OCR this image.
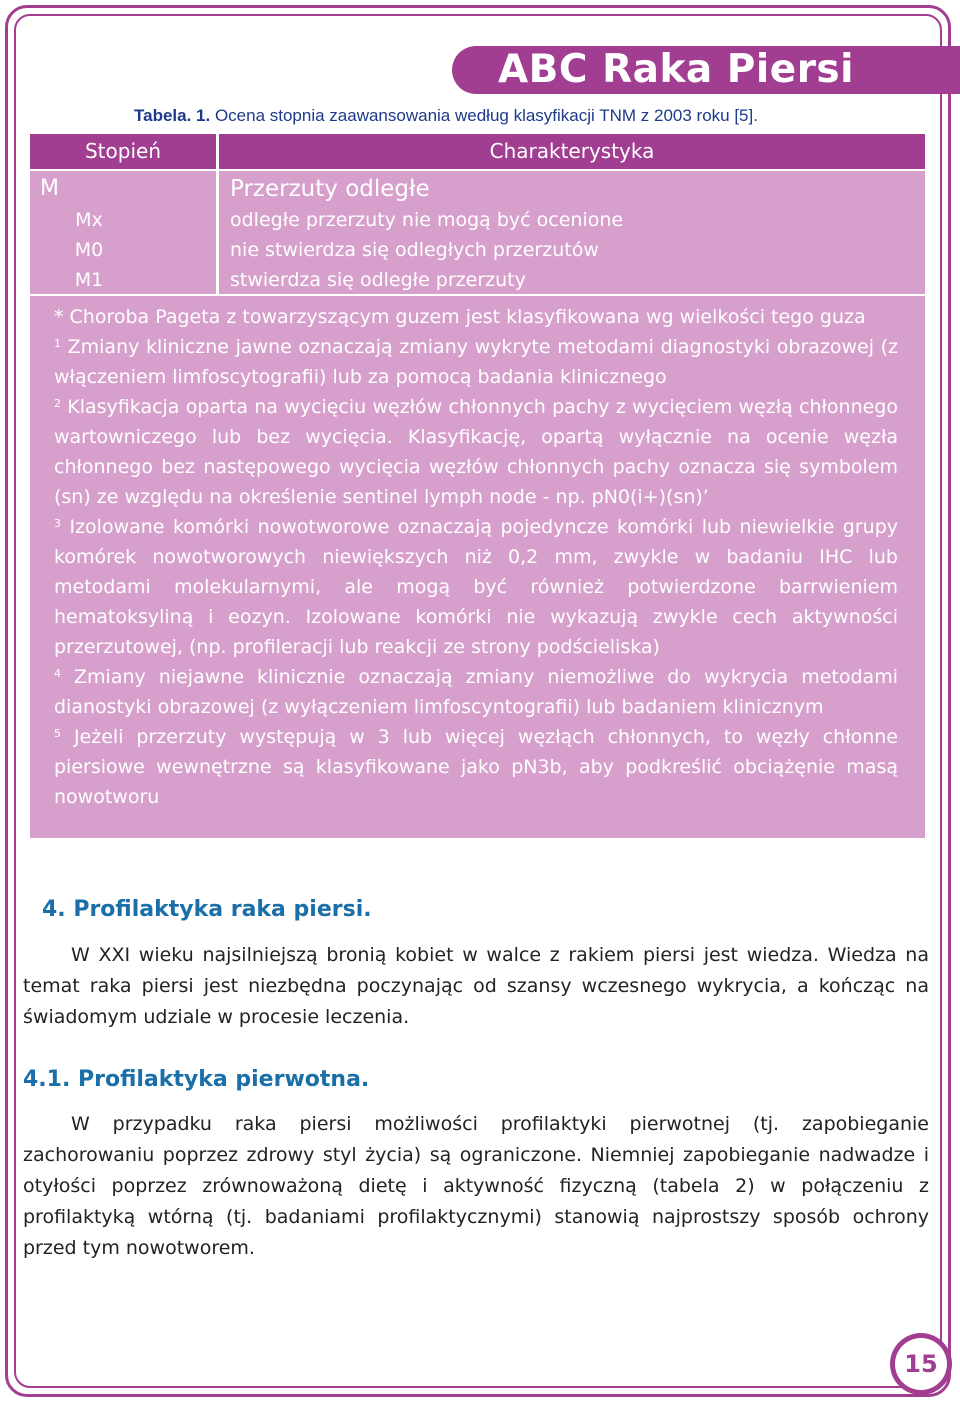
ABC Raka Piersi
Tabela. 1. Ocena stopnia zaawansowania według klasyfikacji TNM z 2003 roku [5].
Stopień	Charakterystyka
M
Mx
M0
M1
Przerzuty odległe
odległe przerzuty nie mogą być ocenione
nie stwierdza się odległych przerzutów
stwierdza się odległe przerzuty

* Choroba Pageta z towarzyszącym guzem jest klasyfikowana wg wielkości tego guza

$^1$ Zmiany kliniczne jawne oznaczają zmiany wykryte metodami diagnostyki obrazowej (z włączeniem limfoscytografii) lub za pomocą badania klinicznego

$^2$ Klasyfikacja oparta na wycięciu węzłów chłonnych pachy z wycięciem węzłą chłonnego wartowniczego lub bez wycięcia. Klasyfikację, opartą wyłącznie na ocenie węzła chłonnego bez następowego wycięcia węzłów chłonnych pachy oznacza się symbolem (sn) ze względu na określenie sentinel lymph node - np. pN0(i+)(sn)’

$^3$ Izolowane komórki nowotworowe oznaczają pojedyncze komórki lub niewielkie grupy komórek nowotworowych niewiększych niż 0,2 mm, zwykle w badaniu IHC lub metodami molekularnymi, ale mogą być również potwierdzone barrwieniem hematoksyliną i eozyn. Izolowane komórki nie wykazują zwykle cech aktywności przerzutowej, (np. profileracji lub reakcji ze strony podścieliska)

$^4$ Zmiany niejawne klinicznie oznaczają zmiany niemożliwe do wykrycia metodami dianostyki obrazowej (z wyłączeniem limfoscyntografii) lub badaniem klinicznym

$^5$ Jeżeli przerzuty występują w 3 lub więcej węzłąch chłonnych, to węzły chłonne piersiowe wewnętrzne są klasyfikowane jako pN3b, aby podkreślić obciążęnie masą nowotworu

4. Profilaktyka raka piersi.

W XXI wieku najsilniejszą bronią kobiet w walce z rakiem piersi jest wiedza. Wiedza na temat raka piersi jest niezbędna poczynając od szansy wczesnego wykrycia, a kończąc na świadomym udziale w procesie leczenia.

4.1. Profilaktyka pierwotna.

W przypadku raka piersi możliwości profilaktyki pierwotnej (tj. zapobieganie zachorowaniu poprzez zdrowy styl życia) są ograniczone. Niemniej zapobieganie nadwadze i otyłości poprzez zrównoważoną dietę i aktywność fizyczną (tabela 2) w połączeniu z profilaktyką wtórną (tj. badaniami profilaktycznymi) stanowią najprostszy sposób ochrony przed tym nowotworem.

15
